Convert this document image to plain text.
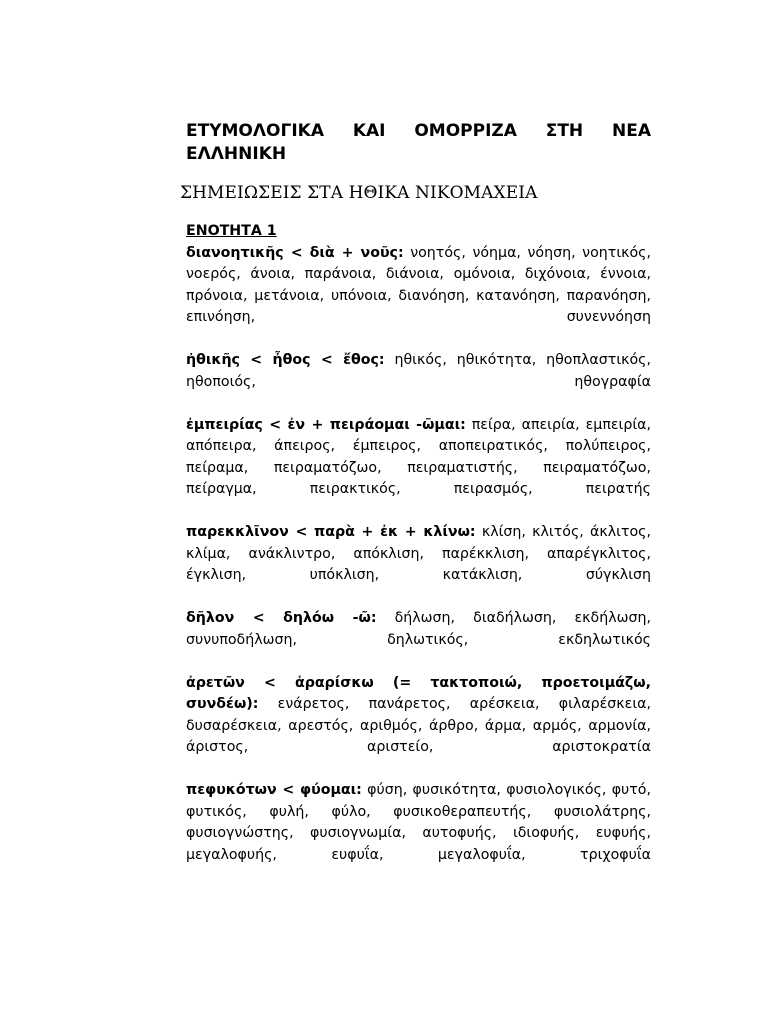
ΕΤΥΜΟΛΟΓΙΚΑ ΚΑΙ ΟΜΟΡΡΙΖΑ ΣΤΗ ΝΕΑ

ΕΛΛΗΝΙΚΗ

ΣΗΜΕΙΩΣΕΙΣ ΣΤΑ ΗΘΙΚΑ ΝΙΚΟΜΑΧΕΙΑ

ΕΝΟΤΗΤΑ 1

διανοητικῆς < διὰ + νοῦς: νοητός, νόημα, νόηση, νοητικός, νοερός, άνοια, παράνοια, διάνοια, ομόνοια, διχόνοια, έννοια, πρόνοια, μετάνοια, υπόνοια, διανόηση, κατανόηση, παρανόηση, επινόηση, συνεννόηση

ἠθικῆς < ἦθος < ἔθος: ηθικός, ηθικότητα, ηθοπλαστικός, ηθοποιός, ηθογραφία

ἐμπειρίας < ἐν + πειράομαι -ῶμαι: πείρα, απειρία, εμπειρία, απόπειρα, άπειρος, έμπειρος, αποπειρατικός, πολύπειρος, πείραμα, πειραματόζωο, πειραματιστής, πειραματόζωο, πείραγμα, πειρακτικός, πειρασμός, πειρατής

παρεκκλῖνον < παρὰ + ἐκ + κλίνω: κλίση, κλιτός, άκλιτος, κλίμα, ανάκλιντρο, απόκλιση, παρέκκλιση, απαρέγκλιτος, έγκλιση, υπόκλιση, κατάκλιση, σύγκλιση

δῆλον < δηλόω -ῶ: δήλωση, διαδήλωση, εκδήλωση, συνυποδήλωση, δηλωτικός, εκδηλωτικός

ἀρετῶν < ἀραρίσκω (= τακτοποιώ, προετοιμάζω, συνδέω): ενάρετος, πανάρετος, αρέσκεια, φιλαρέσκεια, δυσαρέσκεια, αρεστός, αριθμός, άρθρο, άρμα, αρμός, αρμονία, άριστος, αριστείο, αριστοκρατία

πεφυκότων < φύομαι: φύση, φυσικότητα, φυσιολογικός, φυτό, φυτικός, φυλή, φύλο, φυσικοθεραπευτής, φυσιολάτρης, φυσιογνώστης, φυσιογνωμία, αυτοφυής, ιδιοφυής, ευφυής, μεγαλοφυής, ευφυΐα, μεγαλοφυΐα, τριχοφυΐα
